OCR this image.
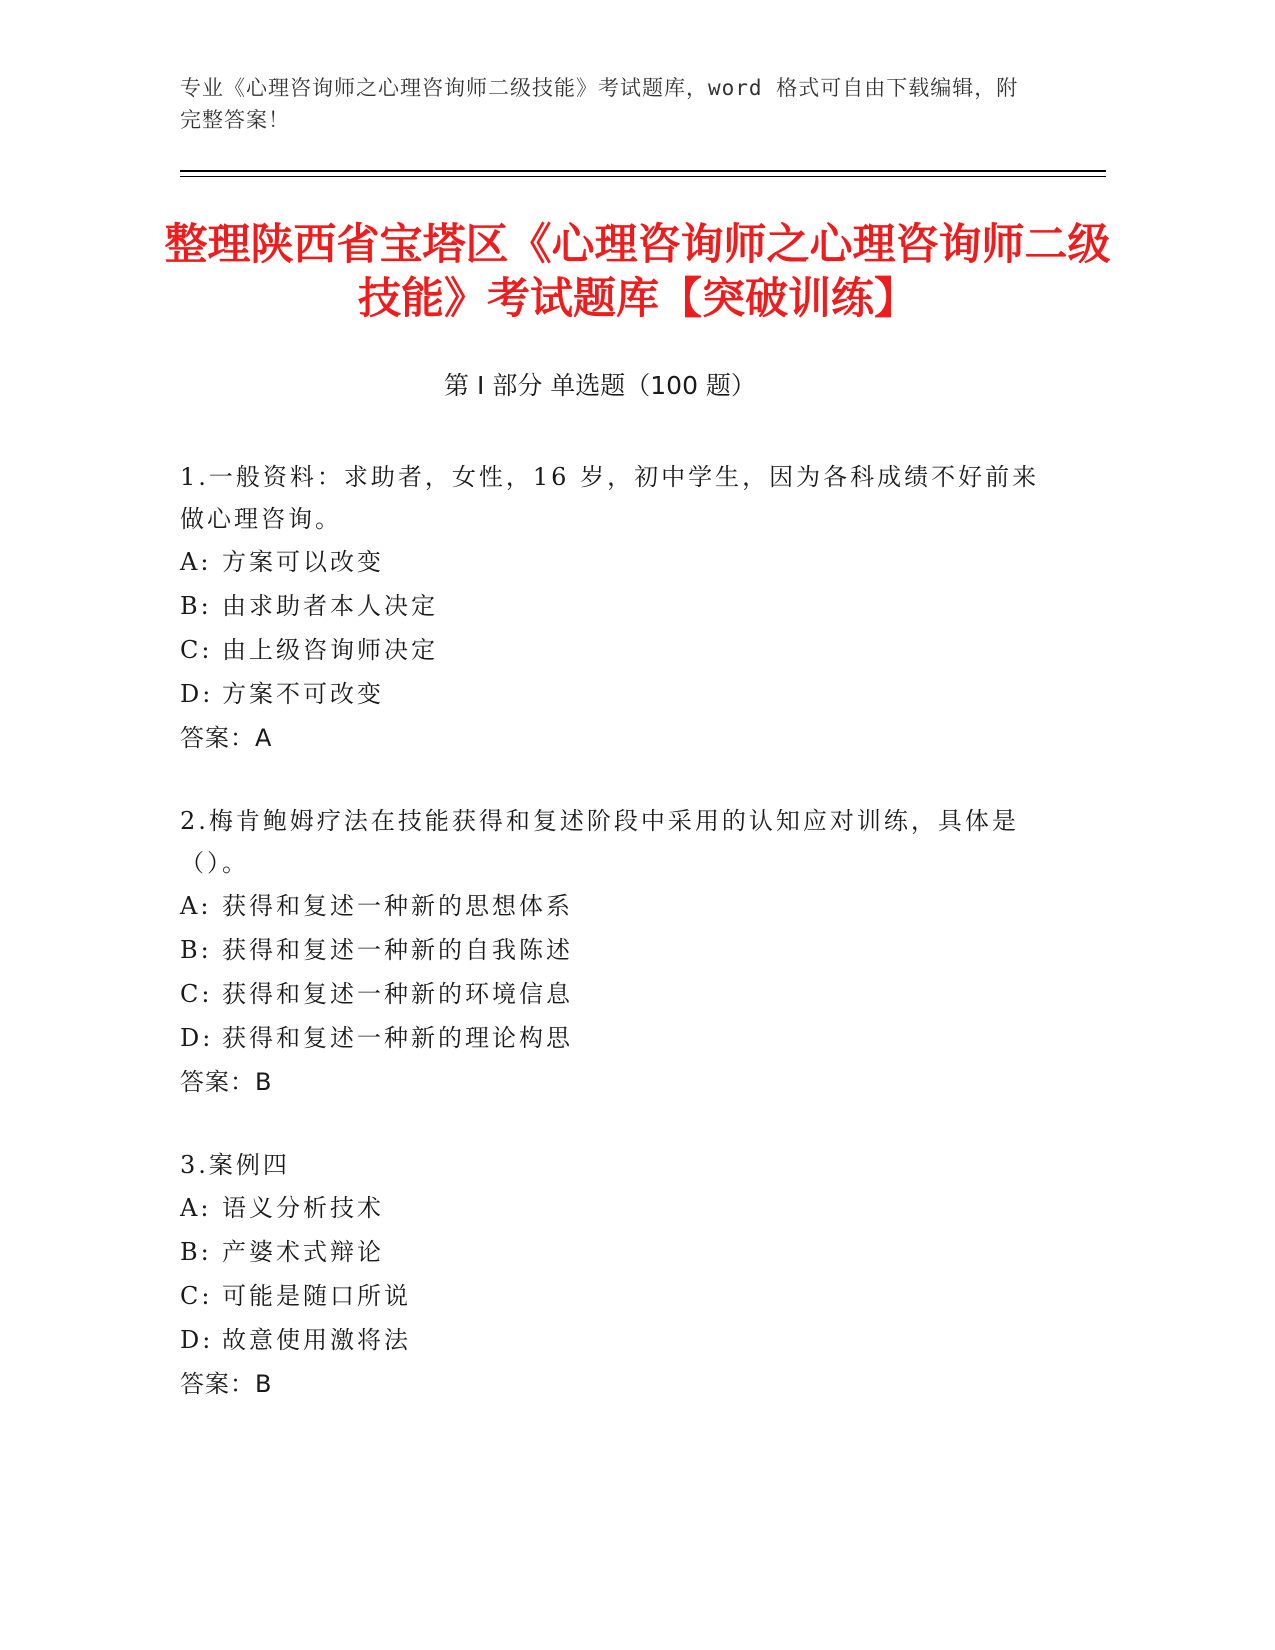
专业《心理咨询师之心理咨询师二级技能》考试题库，word 格式可自由下载编辑，附完整答案！
整理陕西省宝塔区《心理咨询师之心理咨询师二级技能》考试题库【突破训练】
第 I 部分 单选题（100 题）
1.一般资料：求助者，女性，16 岁，初中学生，因为各科成绩不好前来做心理咨询。
A: 方案可以改变
B: 由求助者本人决定
C: 由上级咨询师决定
D: 方案不可改变
答案：A
2.梅肯鲍姆疗法在技能获得和复述阶段中采用的认知应对训练，具体是（）。
A: 获得和复述一种新的思想体系
B: 获得和复述一种新的自我陈述
C: 获得和复述一种新的环境信息
D: 获得和复述一种新的理论构思
答案：B
3.案例四
A: 语义分析技术
B: 产婆术式辩论
C: 可能是随口所说
D: 故意使用激将法
答案：B
